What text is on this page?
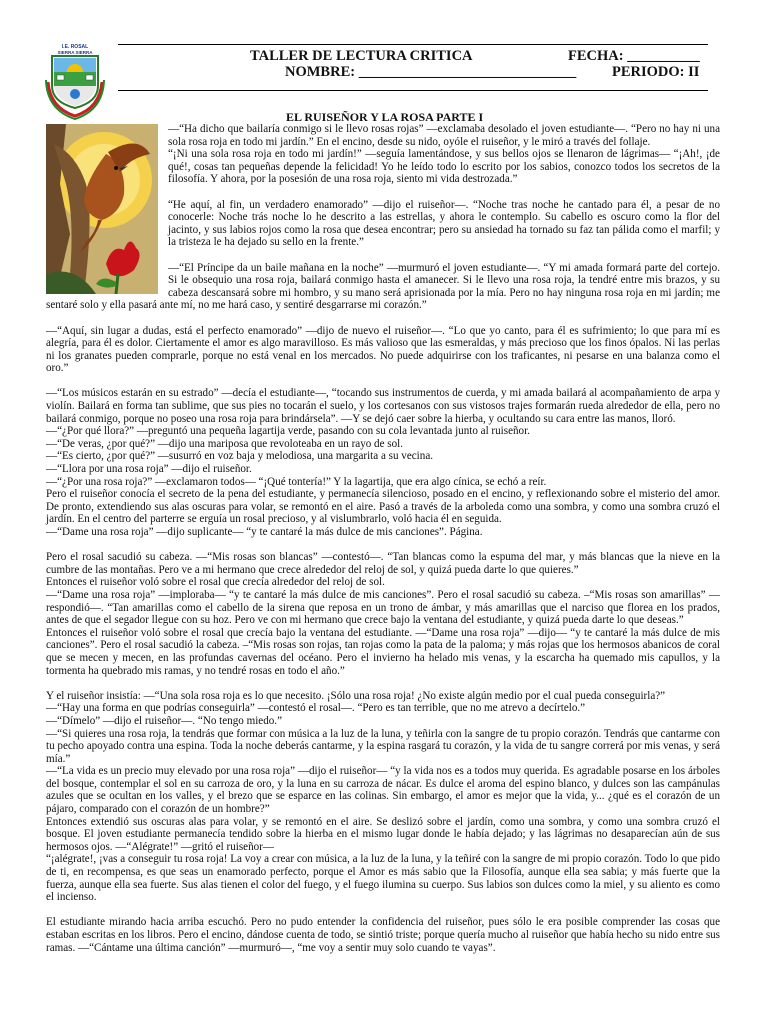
I.E. ROSAL
SIERRA SIERRA	TALLER DE LECTURA CRITICA	FECHA: __________
NOMBRE: ______________________________ PERIODO: II
EL RUISEÑOR Y LA ROSA PARTE I

—“Ha dicho que bailaría conmigo si le llevo rosas rojas” —exclamaba desolado el joven estudiante—. “Pero no hay ni una sola rosa roja en todo mi jardín.” En el encino, desde su nido, oyóle el ruiseñor, y le miró a través del follaje.

“¡Ni una sola rosa roja en todo mi jardín!” —seguía lamentándose, y sus bellos ojos se llenaron de lágrimas— “¡Ah!, ¡de qué!, cosas tan pequeñas depende la felicidad! Yo he leído todo lo escrito por los sabios, conozco todos los secretos de la filosofía. Y ahora, por la posesión de una rosa roja, siento mi vida destrozada.”

“He aquí, al fin, un verdadero enamorado” —dijo el ruiseñor—. “Noche tras noche he cantado para él, a pesar de no conocerle: Noche trás noche lo he descrito a las estrellas, y ahora le contemplo. Su cabello es oscuro como la flor del jacinto, y sus labios rojos como la rosa que desea encontrar; pero su ansiedad ha tornado su faz tan pálida como el marfil; y la tristeza le ha dejado su sello en la frente.”

—“El Príncipe da un baile mañana en la noche” —murmuró el joven estudiante—. “Y mi amada formará parte del cortejo. Si le obsequio una rosa roja, bailará conmigo hasta el amanecer. Si le llevo una rosa roja, la tendré entre mis brazos, y su cabeza descansará sobre mi hombro, y su mano será aprisionada por la mía. Pero no hay ninguna rosa roja en mi jardín; me sentaré solo y ella pasará ante mí, no me hará caso, y sentiré desgarrarse mi corazón.”

—“Aquí, sin lugar a dudas, está el perfecto enamorado” —dijo de nuevo el ruiseñor—. “Lo que yo canto, para él es sufrimiento; lo que para mí es alegría, para él es dolor. Ciertamente el amor es algo maravilloso. Es más valioso que las esmeraldas, y más precioso que los finos ópalos. Ni las perlas ni los granates pueden comprarle, porque no está venal en los mercados. No puede adquirirse con los traficantes, ni pesarse en una balanza como el oro.”

—“Los músicos estarán en su estrado” —decía el estudiante—, “tocando sus instrumentos de cuerda, y mi amada bailará al acompañamiento de arpa y violín. Bailará en forma tan sublime, que sus pies no tocarán el suelo, y los cortesanos con sus vistosos trajes formarán rueda alrededor de ella, pero no bailará conmigo, porque no poseo una rosa roja para brindársela”. —Y se dejó caer sobre la hierba, y ocultando su cara entre las manos, lloró.

—“¿Por qué llora?” —preguntó una pequeña lagartija verde, pasando con su cola levantada junto al ruiseñor.

—“De veras, ¿por qué?” —dijo una mariposa que revoloteaba en un rayo de sol.

—“Es cierto, ¿por qué?” —susurró en voz baja y melodiosa, una margarita a su vecina.

—“Llora por una rosa roja” —dijo el ruiseñor.

—“¿Por una rosa roja?” —exclamaron todos— “¡Qué tontería!” Y la lagartija, que era algo cínica, se echó a reír.

Pero el ruiseñor conocía el secreto de la pena del estudiante, y permanecía silencioso, posado en el encino, y reflexionando sobre el misterio del amor. De pronto, extendiendo sus alas oscuras para volar, se remontó en el aire. Pasó a través de la arboleda como una sombra, y como una sombra cruzó el jardín. En el centro del parterre se erguía un rosal precioso, y al vislumbrarlo, voló hacia él en seguida.

—“Dame una rosa roja” —dijo suplicante— “y te cantaré la más dulce de mis canciones”. Página.

Pero el rosal sacudió su cabeza. —“Mis rosas son blancas” —contestó—. “Tan blancas como la espuma del mar, y más blancas que la nieve en la cumbre de las montañas. Pero ve a mi hermano que crece alrededor del reloj de sol, y quizá pueda darte lo que quieres.”

Entonces el ruiseñor voló sobre el rosal que crecía alrededor del reloj de sol.

—“Dame una rosa roja” —imploraba— “y te cantaré la más dulce de mis canciones”. Pero el rosal sacudió su cabeza. –“Mis rosas son amarillas” —respondió—. “Tan amarillas como el cabello de la sirena que reposa en un trono de ámbar, y más amarillas que el narciso que florea en los prados, antes de que el segador llegue con su hoz. Pero ve con mi hermano que crece bajo la ventana del estudiante, y quizá pueda darte lo que deseas.”

Entonces el ruiseñor voló sobre el rosal que crecía bajo la ventana del estudiante. —“Dame una rosa roja” —dijo— “y te cantaré la más dulce de mis canciones”. Pero el rosal sacudió la cabeza. –“Mis rosas son rojas, tan rojas como la pata de la paloma; y más rojas que los hermosos abanicos de coral que se mecen y mecen, en las profundas cavernas del océano. Pero el invierno ha helado mis venas, y la escarcha ha quemado mis capullos, y la tormenta ha quebrado mis ramas, y no tendré rosas en todo el año.”

Y el ruiseñor insistía: —“Una sola rosa roja es lo que necesito. ¡Sólo una rosa roja! ¿No existe algún medio por el cual pueda conseguirla?”

—“Hay una forma en que podrías conseguirla” —contestó el rosal—. “Pero es tan terrible, que no me atrevo a decírtelo.”

—“Dímelo” —dijo el ruiseñor—. “No tengo miedo.”

—“Si quieres una rosa roja, la tendrás que formar con música a la luz de la luna, y teñirla con la sangre de tu propio corazón. Tendrás que cantarme con tu pecho apoyado contra una espina. Toda la noche deberás cantarme, y la espina rasgará tu corazón, y la vida de tu sangre correrá por mis venas, y será mía.”

—“La vida es un precio muy elevado por una rosa roja” —dijo el ruiseñor— “y la vida nos es a todos muy querida. Es agradable posarse en los árboles del bosque, contemplar el sol en su carroza de oro, y la luna en su carroza de nácar. Es dulce el aroma del espino blanco, y dulces son las campánulas azules que se ocultan en los valles, y el brezo que se esparce en las colinas. Sin embargo, el amor es mejor que la vida, y... ¿qué es el corazón de un pájaro, comparado con el corazón de un hombre?”

Entonces extendió sus oscuras alas para volar, y se remontó en el aire. Se deslizó sobre el jardín, como una sombra, y como una sombra cruzó el bosque. El joven estudiante permanecía tendido sobre la hierba en el mismo lugar donde le había dejado; y las lágrimas no desaparecían aún de sus hermosos ojos. —“Alégrate!” —gritó el ruiseñor—

“¡alégrate!, ¡vas a conseguir tu rosa roja! La voy a crear con música, a la luz de la luna, y la teñiré con la sangre de mi propio corazón. Todo lo que pido de ti, en recompensa, es que seas un enamorado perfecto, porque el Amor es más sabio que la Filosofía, aunque ella sea sabia; y más fuerte que la fuerza, aunque ella sea fuerte. Sus alas tienen el color del fuego, y el fuego ilumina su cuerpo. Sus labios son dulces como la miel, y su aliento es como el incienso.

El estudiante mirando hacia arriba escuchó. Pero no pudo entender la confidencia del ruiseñor, pues sólo le era posible comprender las cosas que estaban escritas en los libros. Pero el encino, dándose cuenta de todo, se sintió triste; porque quería mucho al ruiseñor que había hecho su nido entre sus ramas. —“Cántame una última canción” —murmuró—, “me voy a sentir muy solo cuando te vayas”.
